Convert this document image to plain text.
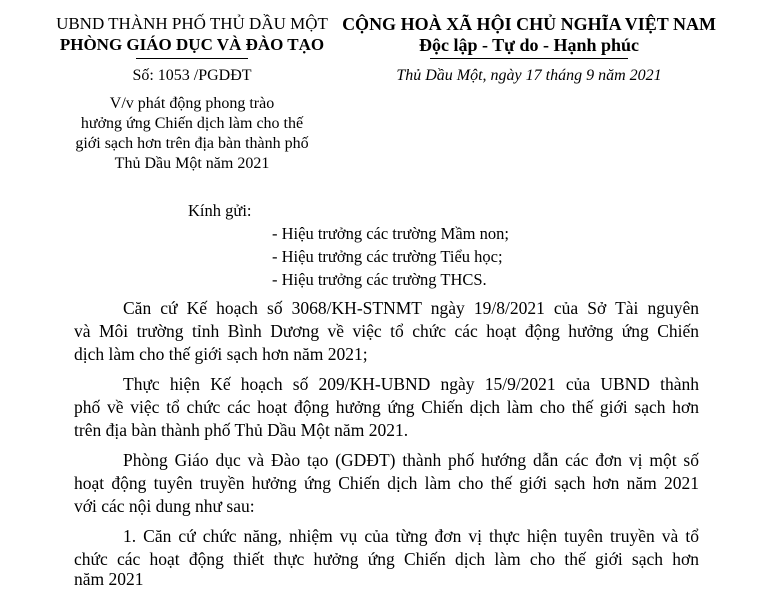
UBND THÀNH PHỐ THỦ DẦU MỘT
PHÒNG GIÁO DỤC VÀ ĐÀO TẠO
Số: 1053 /PGDĐT
V/v phát động phong trào
hưởng ứng Chiến dịch làm cho thế
giới sạch hơn trên địa bàn thành phố
Thủ Dầu Một năm 2021
CỘNG HOÀ XÃ HỘI CHỦ NGHĨA VIỆT NAM
Độc lập - Tự do - Hạnh phúc
Thủ Dầu Một, ngày 17 tháng 9 năm 2021
Kính gửi:
- Hiệu trưởng các trường Mầm non;
- Hiệu trưởng các trường Tiểu học;
- Hiệu trưởng các trường THCS.
Căn cứ Kế hoạch số 3068/KH-STNMT ngày 19/8/2021 của Sở Tài nguyên
và Môi trường tỉnh Bình Dương về việc tổ chức các hoạt động hưởng ứng Chiến
dịch làm cho thế giới sạch hơn năm 2021;
Thực hiện Kế hoạch số 209/KH-UBND ngày 15/9/2021 của UBND thành
phố về việc tổ chức các hoạt động hưởng ứng Chiến dịch làm cho thế giới sạch hơn
trên địa bàn thành phố Thủ Dầu Một năm 2021.
Phòng Giáo dục và Đào tạo (GDĐT) thành phố hướng dẫn các đơn vị một số
hoạt động tuyên truyền hưởng ứng Chiến dịch làm cho thế giới sạch hơn năm 2021
với các nội dung như sau:
1. Căn cứ chức năng, nhiệm vụ của từng đơn vị thực hiện tuyên truyền và tổ
chức các hoạt động thiết thực hưởng ứng Chiến dịch làm cho thế giới sạch hơn
năm 2021
